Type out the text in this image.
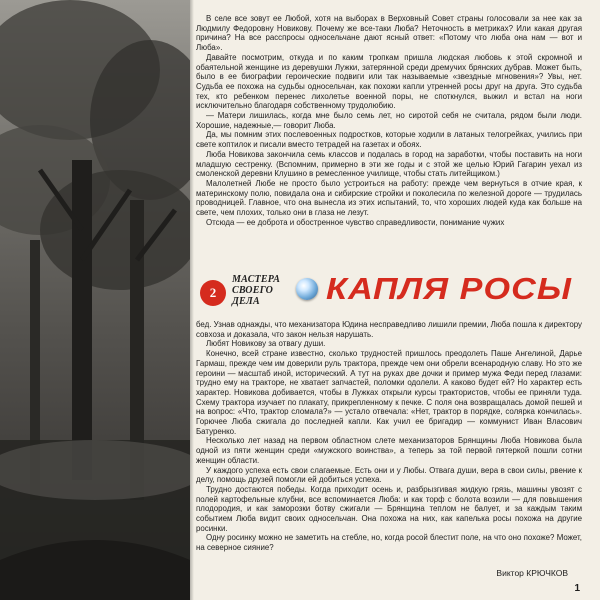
В селе все зовут ее Любой, хотя на выборах в Верховный Совет страны голосовали за нее как за Людмилу Федоровну Новикову. Почему же все-таки Люба? Неточность в метриках? Или какая другая причина? На все расспросы односельчане дают ясный ответ: «Потому что люба она нам — вот и Люба».

Давайте посмотрим, откуда и по каким тропкам пришла людская любовь к этой скромной и обаятельной женщине из деревушки Лужки, затерянной среди дремучих брянских дубрав. Может быть, было в ее биографии героические подвиги или так называемые «звездные мгновения»? Увы, нет. Судьба ее похожа на судьбы односельчан, как похожи капли утренней росы друг на друга. Это судьба тех, кто ребенком перенес лихолетье военной поры, не споткнулся, выжил и встал на ноги исключительно благодаря собственному трудолюбию.

— Матери лишилась, когда мне было семь лет, но сиротой себя не считала, рядом были люди. Хорошие, надежные,— говорит Люба.

Да, мы помним этих послевоенных подростков, которые ходили в латаных телогрейках, учились при свете коптилок и писали вместо тетрадей на газетах и обоях.

Люба Новикова закончила семь классов и подалась в город на заработки, чтобы поставить на ноги младшую сестренку. (Вспомним, примерно в эти же годы и с этой же целью Юрий Гагарин уехал из смоленской деревни Клушино в ремесленное училище, чтобы стать литейщиком.)

Малолетней Любе не просто было устроиться на работу: прежде чем вернуться в отчие края, к материнскому полю, повидала она и сибирские стройки и поколесила по железной дороге — трудилась проводницей. Главное, что она вынесла из этих испытаний, то, что хороших людей куда как больше на свете, чем плохих, только они в глаза не лезут.

Отсюда — ее доброта и обостренное чувство справедливости, понимание чужих

2
МАСТЕРА
СВОЕГО
ДЕЛА	КАПЛЯ РОСЫ

бед. Узнав однажды, что механизатора Юдина несправедливо лишили премии, Люба пошла к директору совхоза и доказала, что закон нельзя нарушать.

Любят Новикову за отвагу души.

Конечно, всей стране известно, сколько трудностей пришлось преодолеть Паше Ангелиной, Дарье Гармаш, прежде чем им доверили руль трактора, прежде чем они обрели всенародную славу. Но это же героини — масштаб иной, исторический. А тут на руках две дочки и пример мужа Феди перед глазами: трудно ему на тракторе, не хватает запчастей, поломки одолели. А каково будет ей? Но характер есть характер. Новикова добивается, чтобы в Лужках открыли курсы трактористов, чтобы ее приняли туда. Схему трактора изучает по плакату, прикрепленному к печке. С поля она возвращалась домой пешей и на вопрос: «Что, трактор сломала?» — устало отвечала: «Нет, трактор в порядке, солярка кончилась». Горючее Люба сжигала до последней капли. Как учил ее бригадир — коммунист Иван Власович Батуренко.

Несколько лет назад на первом областном слете механизаторов Брянщины Люба Новикова была одной из пяти женщин среди «мужского воинства», а теперь за той первой пятеркой пошли сотни женщин области.

У каждого успеха есть свои слагаемые. Есть они и у Любы. Отвага души, вера в свои силы, рвение к делу, помощь друзей помогли ей добиться успеха.

Трудно достаются победы. Когда приходит осень и, разбрызгивая жидкую грязь, машины увозят с полей картофельные клубни, все вспоминается Люба: и как торф с болота возили — для повышения плодородия, и как заморозки ботву сжигали — Брянщина теплом не балует, и за каждым таким событием Люба видит своих односельчан. Она похожа на них, как капелька росы похожа на другие росинки.

Одну росинку можно не заметить на стебле, но, когда росой блестит поле, на что оно похоже? Может, на северное сияние?

Виктор КРЮЧКОВ
1
